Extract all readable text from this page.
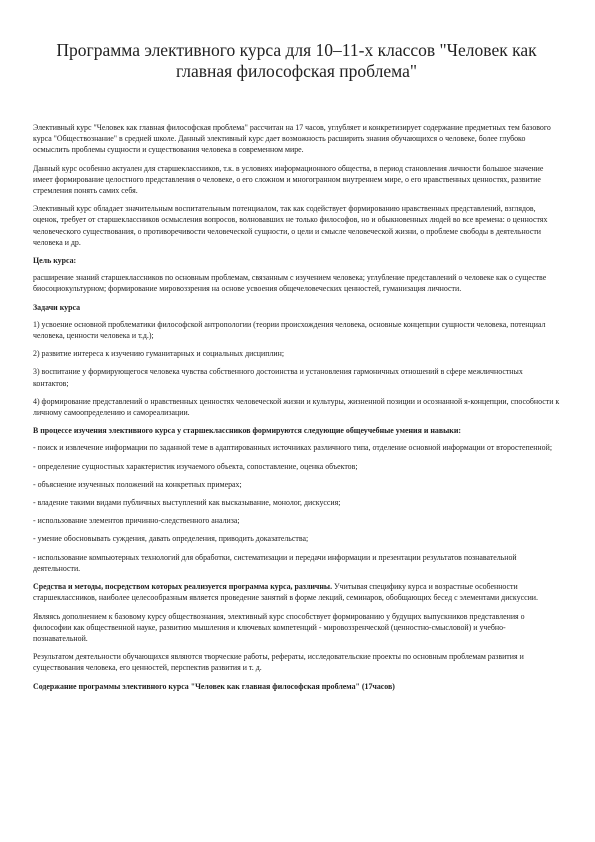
Программа элективного курса для 10–11-х классов "Человек как главная философская проблема"

Элективный курс "Человек как главная философская проблема" рассчитан на 17 часов, углубляет и конкретизирует содержание предметных тем базового курса "Обществознание" в средней школе. Данный элективный курс дает возможность расширить знания обучающихся о человеке, более глубоко осмыслить проблемы сущности и существования человека в современном мире.

Данный курс особенно актуален для старшеклассников, т.к. в условиях информационного общества, в период становления личности большое значение имеет формирование целостного представления о человеке, о его сложном и многогранном внутреннем мире, о его нравственных ценностях, развитие стремления понять самих себя.

Элективный курс обладает значительным воспитательным потенциалом, так как содействует формированию нравственных представлений, взглядов, оценок, требует от старшеклассников осмысления вопросов, волновавших не только философов, но и обыкновенных людей во все времена: о ценностях человеческого существования, о противоречивости человеческой сущности, о цели и смысле человеческой жизни, о проблеме свободы в деятельности человека и др.

Цель курса:

расширение знаний старшеклассников по основным проблемам, связанным с изучением человека; углубление представлений о человеке как о существе биосоциокультурном; формирование мировоззрения на основе усвоения общечеловеческих ценностей, гуманизация личности.

Задачи курса

1) усвоение основной проблематики философской антропологии (теории происхождения человека, основные концепции сущности человека, потенциал человека, ценности человека и т.д.);

2) развитие интереса к изучению гуманитарных и социальных дисциплин;

3) воспитание у формирующегося человека чувства собственного достоинства и установления гармоничных отношений в сфере межличностных контактов;

4) формирование представлений о нравственных ценностях человеческой жизни и культуры, жизненной позиции и осознанной я-концепции, способности к личному самоопределению и самореализации.

В процессе изучения элективного курса у старшеклассников формируются следующие общеучебные умения и навыки:

- поиск и извлечение информации по заданной теме в адаптированных источниках различного типа, отделение основной информации от второстепенной;

- определение сущностных характеристик изучаемого объекта, сопоставление, оценка объектов;

- объяснение изученных положений на конкретных примерах;

- владение такими видами публичных выступлений как высказывание, монолог, дискуссия;

- использование элементов причинно-следственного анализа;

- умение обосновывать суждения, давать определения, приводить доказательства;

- использование компьютерных технологий для обработки, систематизации и передачи информации и презентации результатов познавательной деятельности.

Средства и методы, посредством которых реализуется программа курса, различны. Учитывая специфику курса и возрастные особенности старшеклассников, наиболее целесообразным является проведение занятий в форме лекций, семинаров, обобщающих бесед с элементами дискуссии.

Являясь дополнением к базовому курсу обществознания, элективный курс способствует формированию у будущих выпускников представления о философии как общественной науке, развитию мышления и ключевых компетенций - мировоззренческой (ценностно-смысловой) и учебно-познавательной.

Результатом деятельности обучающихся являются творческие работы, рефераты, исследовательские проекты по основным проблемам развития и существования человека, его ценностей, перспектив развития и т. д.

Содержание программы элективного курса "Человек как главная философская проблема" (17часов)
